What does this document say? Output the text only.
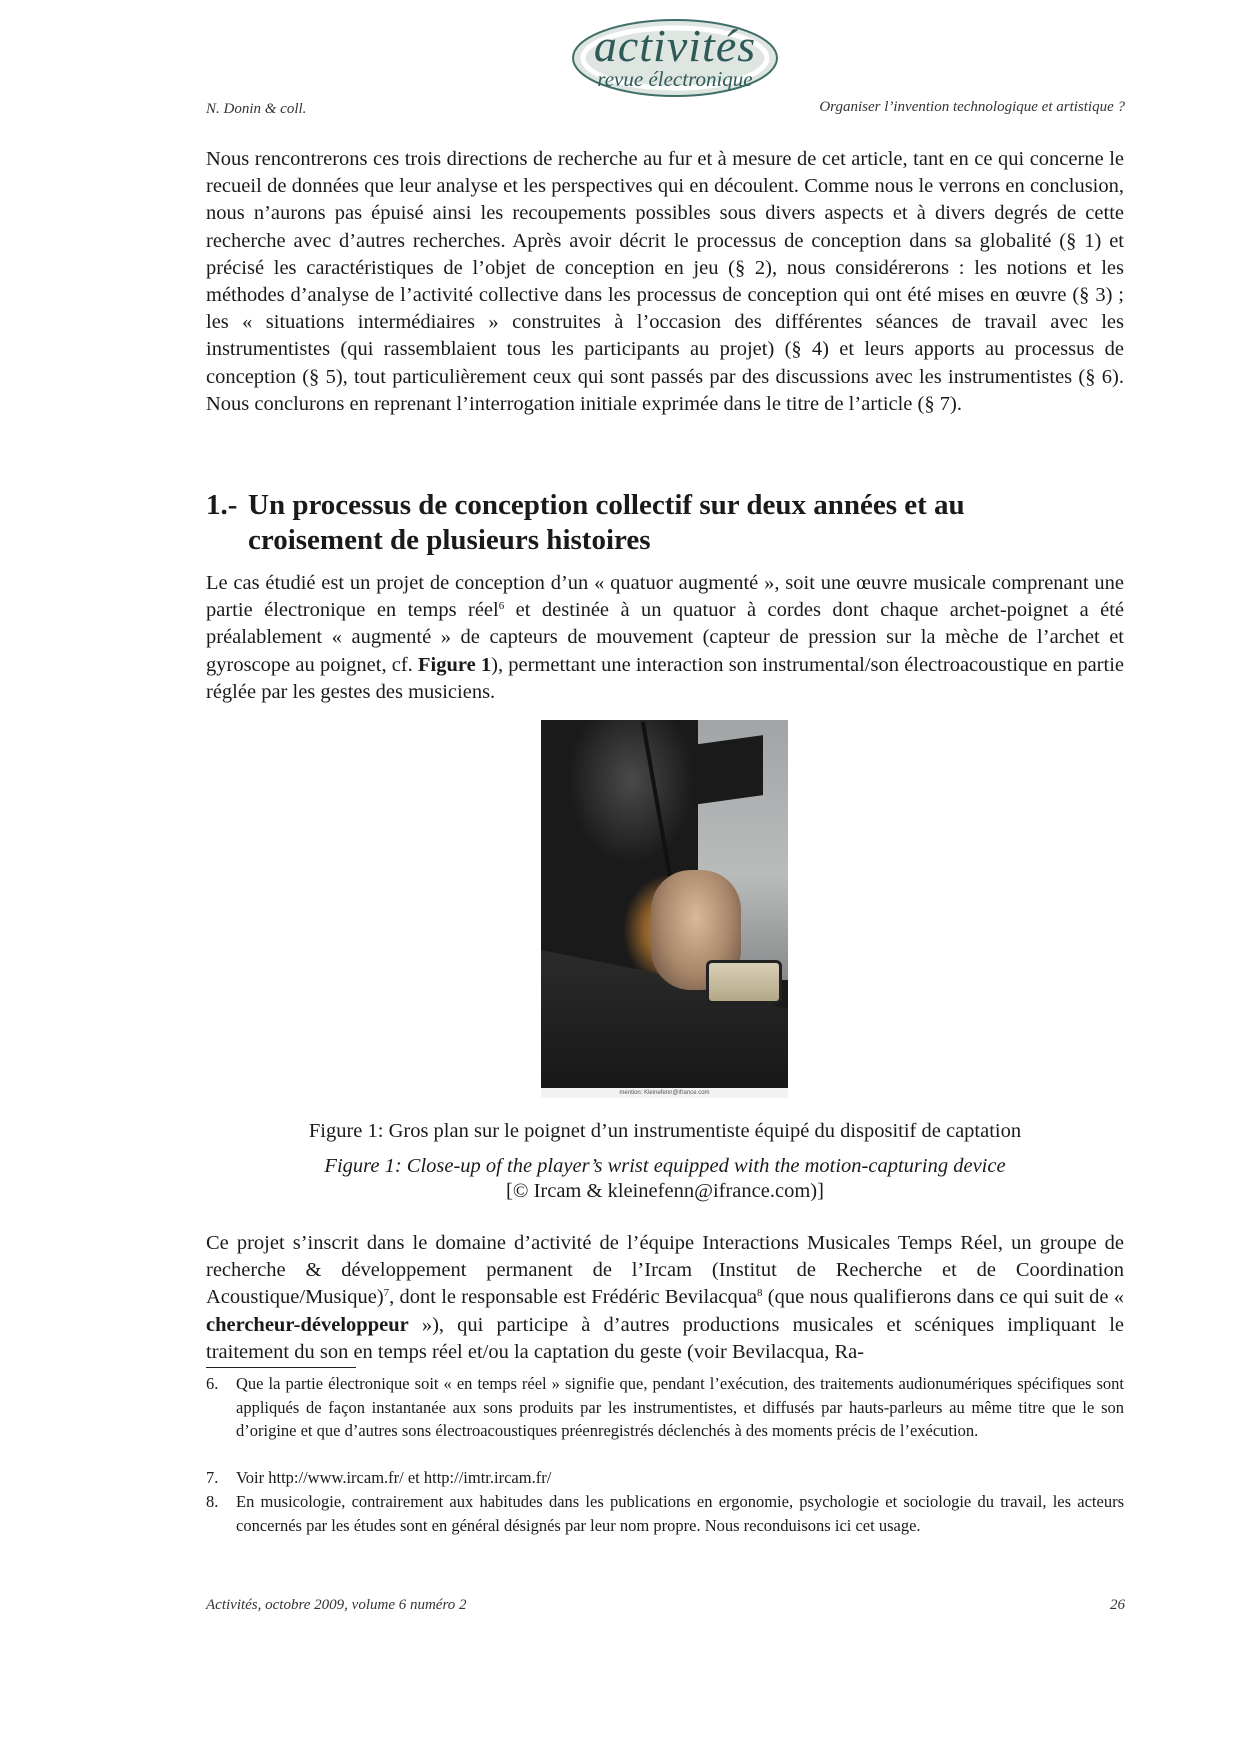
activités
revue électronique
N. Donin & coll.	Organiser l’invention technologique et artistique ?

Nous rencontrerons ces trois directions de recherche au fur et à mesure de cet article, tant en ce qui concerne le recueil de données que leur analyse et les perspectives qui en découlent. Comme nous le verrons en conclusion, nous n’aurons pas épuisé ainsi les recoupements possibles sous divers aspects et à divers degrés de cette recherche avec d’autres recherches. Après avoir décrit le processus de conception dans sa globalité (§ 1) et précisé les caractéristiques de l’objet de conception en jeu (§ 2), nous considérerons : les notions et les méthodes d’analyse de l’activité collective dans les processus de conception qui ont été mises en œuvre (§ 3) ; les « situations intermédiaires » construites à l’occasion des différentes séances de travail avec les instrumentistes (qui rassemblaient tous les participants au projet) (§ 4) et leurs apports au processus de conception (§ 5), tout particulièrement ceux qui sont passés par des discussions avec les instrumentistes (§ 6). Nous conclurons en reprenant l’interrogation initiale exprimée dans le titre de l’article (§ 7).

1.- Un processus de conception collectif sur deux années et au
croisement de plusieurs histoires

Le cas étudié est un projet de conception d’un « quatuor augmenté », soit une œuvre musicale comprenant une partie électronique en temps réel$^6$ et destinée à un quatuor à cordes dont chaque archet-poignet a été préalablement « augmenté » de capteurs de mouvement (capteur de pression sur la mèche de l’archet et gyroscope au poignet, cf. Figure 1), permettant une interaction son instrumental/son électroacoustique en partie réglée par les gestes des musiciens.

mention: Kleinefenn@ifrance.com
Figure 1: Gros plan sur le poignet d’un instrumentiste équipé du dispositif de captation
Figure 1: Close-up of the player’s wrist equipped with the motion-capturing device
[© Ircam & kleinefenn@ifrance.com)]

Ce projet s’inscrit dans le domaine d’activité de l’équipe Interactions Musicales Temps Réel, un groupe de recherche & développement permanent de l’Ircam (Institut de Recherche et de Coordination Acoustique/Musique)$^7$, dont le responsable est Frédéric Bevilacqua$^8$ (que nous qualifierons dans ce qui suit de « chercheur-développeur »), qui participe à d’autres productions musicales et scéniques impliquant le traitement du son en temps réel et/ou la captation du geste (voir Bevilacqua, Ra-

6.	Que la partie électronique soit « en temps réel » signifie que, pendant l’exécution, des traitements audionumériques spécifiques sont appliqués de façon instantanée aux sons produits par les instrumentistes, et diffusés par hauts-parleurs au même titre que le son d’origine et que d’autres sons électroacoustiques préenregistrés déclenchés à des moments précis de l’exécution.

7.	Voir http://www.ircam.fr/ et http://imtr.ircam.fr/

8.	En musicologie, contrairement aux habitudes dans les publications en ergonomie, psychologie et sociologie du travail, les acteurs concernés par les études sont en général désignés par leur nom propre. Nous reconduisons ici cet usage.

Activités, octobre 2009, volume 6 numéro 2	26
